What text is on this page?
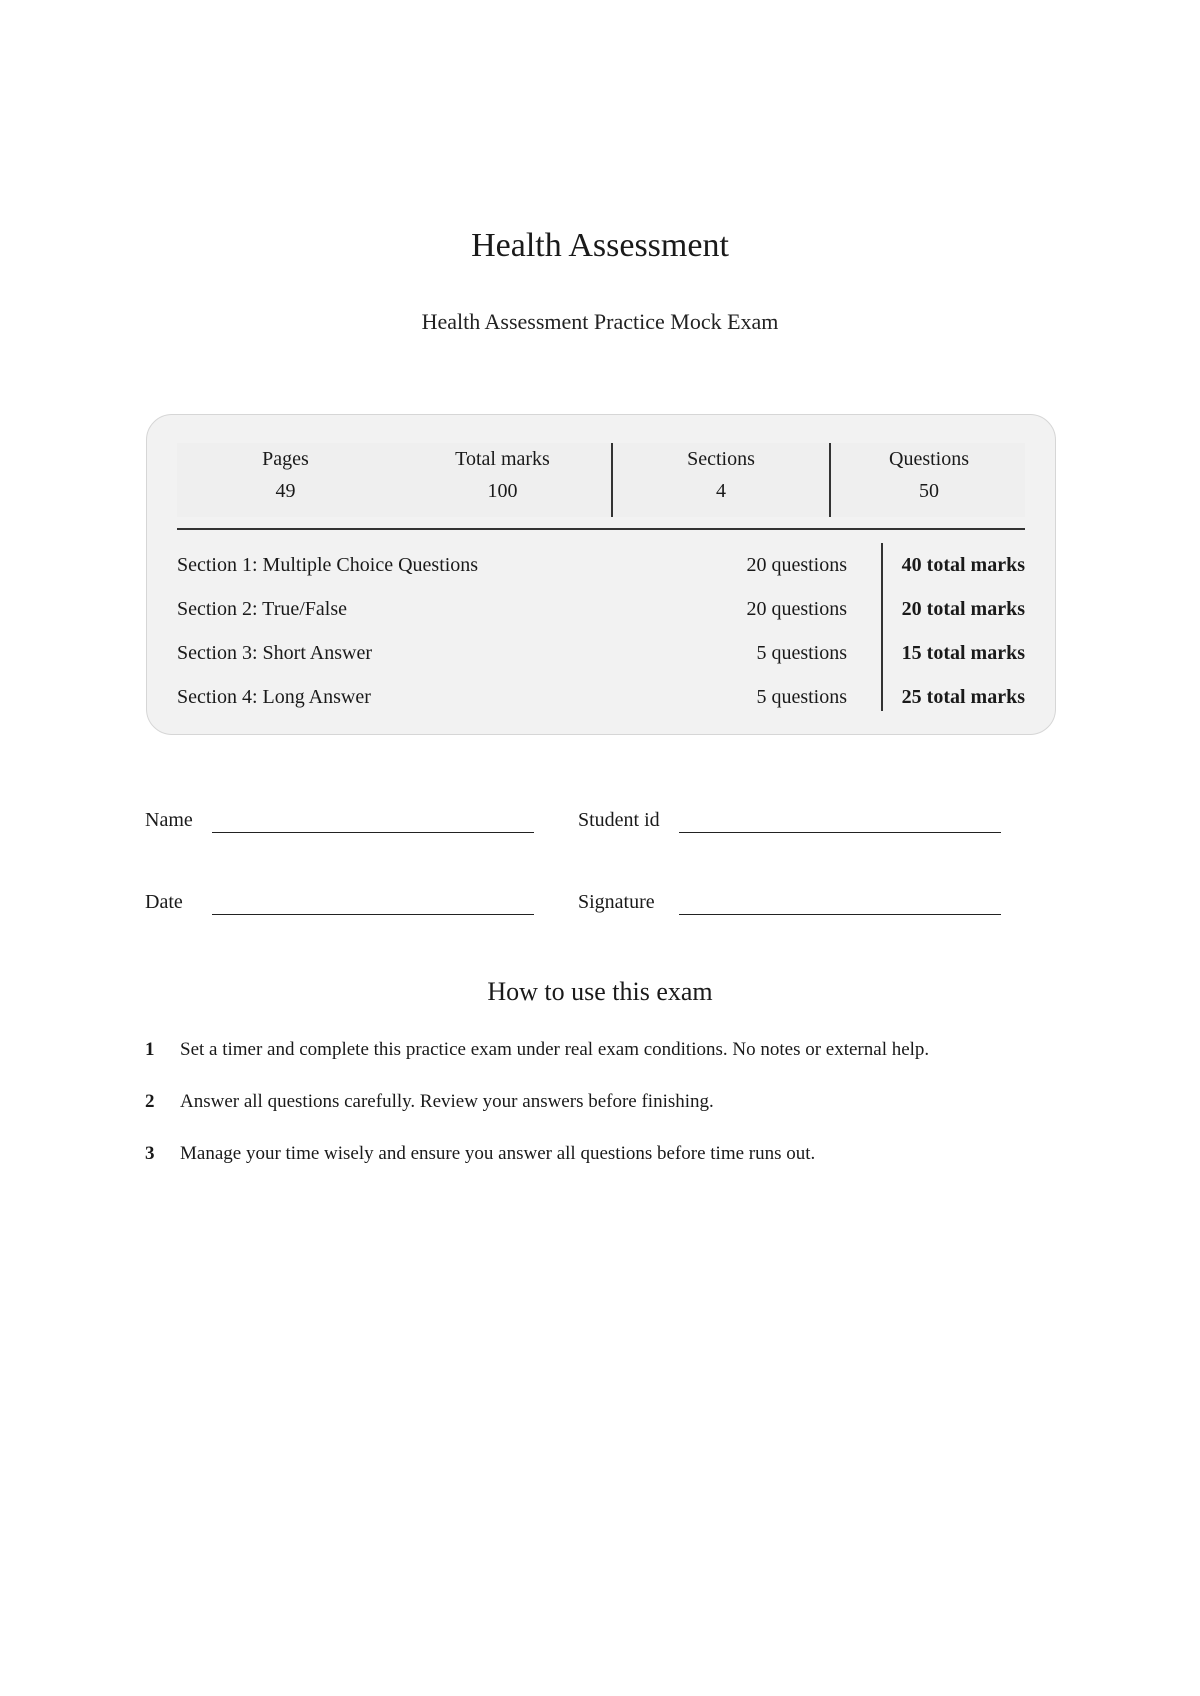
Health Assessment
Health Assessment Practice Mock Exam
Pages
49
Total marks
100
Sections
4
Questions
50
Section 1: Multiple Choice Questions	20 questions	40 total marks
Section 2: True/False	20 questions	20 total marks
Section 3: Short Answer	5 questions	15 total marks
Section 4: Long Answer	5 questions	25 total marks
Name	Student id
Date	Signature
How to use this exam
1 Set a timer and complete this practice exam under real exam conditions. No notes or external help.
2 Answer all questions carefully. Review your answers before finishing.
3 Manage your time wisely and ensure you answer all questions before time runs out.
